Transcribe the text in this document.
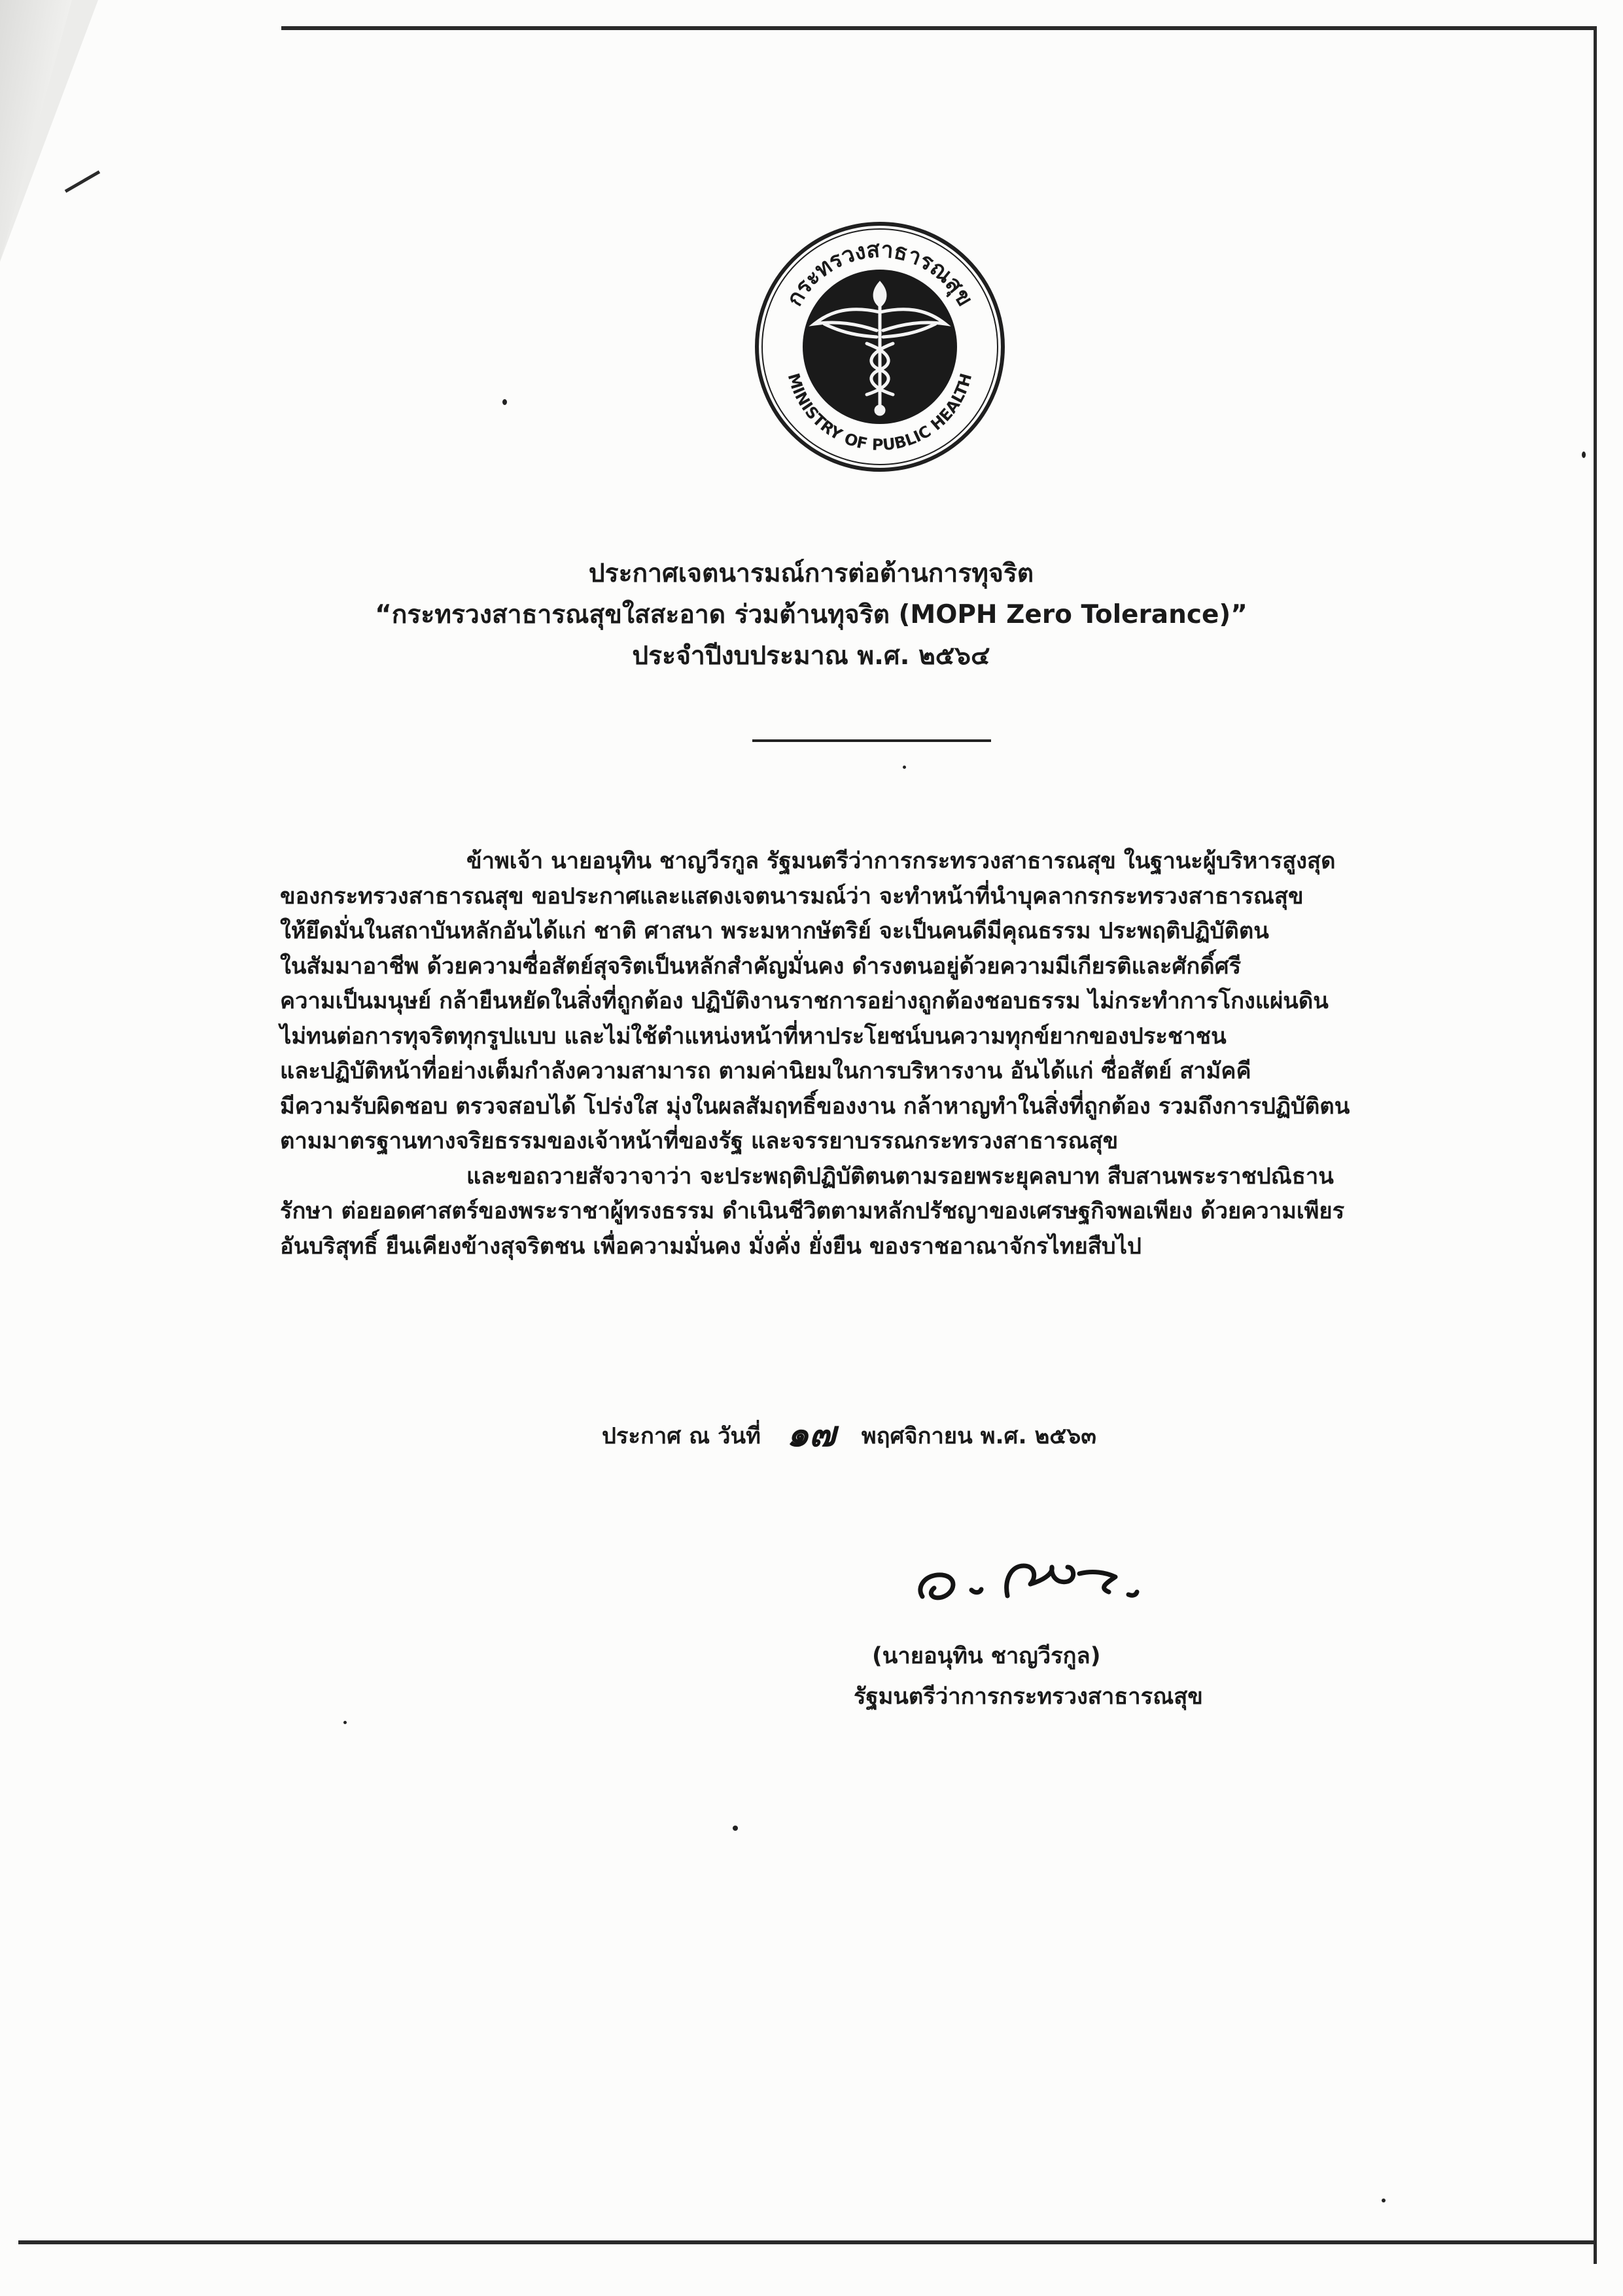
กระทรวงสาธารณสุข
MINISTRY OF PUBLIC HEALTH
ประกาศเจตนารมณ์การต่อต้านการทุจริต
“กระทรวงสาธารณสุขใสสะอาด ร่วมต้านทุจริต (MOPH Zero Tolerance)”
ประจำปีงบประมาณ พ.ศ. ๒๕๖๔
ข้าพเจ้า นายอนุทิน ชาญวีรกูล รัฐมนตรีว่าการกระทรวงสาธารณสุข ในฐานะผู้บริหารสูงสุด
ของกระทรวงสาธารณสุข ขอประกาศและแสดงเจตนารมณ์ว่า จะทำหน้าที่นำบุคลากรกระทรวงสาธารณสุข
ให้ยึดมั่นในสถาบันหลักอันได้แก่ ชาติ ศาสนา พระมหากษัตริย์ จะเป็นคนดีมีคุณธรรม ประพฤติปฏิบัติตน
ในสัมมาอาชีพ ด้วยความซื่อสัตย์สุจริตเป็นหลักสำคัญมั่นคง ดำรงตนอยู่ด้วยความมีเกียรติและศักดิ์ศรี
ความเป็นมนุษย์ กล้ายืนหยัดในสิ่งที่ถูกต้อง ปฏิบัติงานราชการอย่างถูกต้องชอบธรรม ไม่กระทำการโกงแผ่นดิน
ไม่ทนต่อการทุจริตทุกรูปแบบ และไม่ใช้ตำแหน่งหน้าที่หาประโยชน์บนความทุกข์ยากของประชาชน
และปฏิบัติหน้าที่อย่างเต็มกำลังความสามารถ ตามค่านิยมในการบริหารงาน อันได้แก่ ซื่อสัตย์ สามัคคี
มีความรับผิดชอบ ตรวจสอบได้ โปร่งใส มุ่งในผลสัมฤทธิ์ของงาน กล้าหาญทำในสิ่งที่ถูกต้อง รวมถึงการปฏิบัติตน
ตามมาตรฐานทางจริยธรรมของเจ้าหน้าที่ของรัฐ และจรรยาบรรณกระทรวงสาธารณสุข
และขอถวายสัจวาจาว่า จะประพฤติปฏิบัติตนตามรอยพระยุคลบาท สืบสานพระราชปณิธาน
รักษา ต่อยอดศาสตร์ของพระราชาผู้ทรงธรรม ดำเนินชีวิตตามหลักปรัชญาของเศรษฐกิจพอเพียง ด้วยความเพียร
อันบริสุทธิ์ ยืนเคียงข้างสุจริตชน เพื่อความมั่นคง มั่งคั่ง ยั่งยืน ของราชอาณาจักรไทยสืบไป
ประกาศ ณ วันที่ ๑๗ พฤศจิกายน พ.ศ. ๒๕๖๓
(นายอนุทิน ชาญวีรกูล)
รัฐมนตรีว่าการกระทรวงสาธารณสุข
